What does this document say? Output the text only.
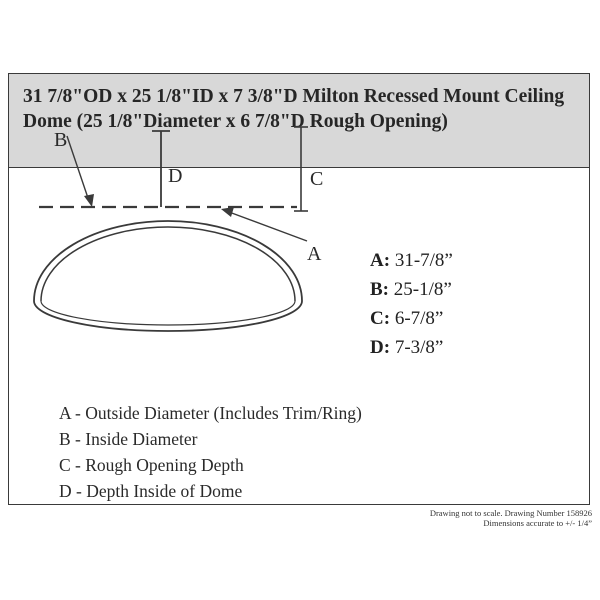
31 7/8"OD x 25 1/8"ID x 7 3/8"D Milton Recessed Mount Ceiling Dome (25 1/8"Diameter x 6 7/8"D Rough Opening)
B
D	C
A	A: 31-7/8”
B: 25-1/8”
C: 6-7/8”
D: 7-3/8”
A - Outside Diameter (Includes Trim/Ring)
B - Inside Diameter
C - Rough Opening Depth
D - Depth Inside of Dome
Drawing not to scale. Drawing Number 158926
Dimensions accurate to +/- 1/4”
